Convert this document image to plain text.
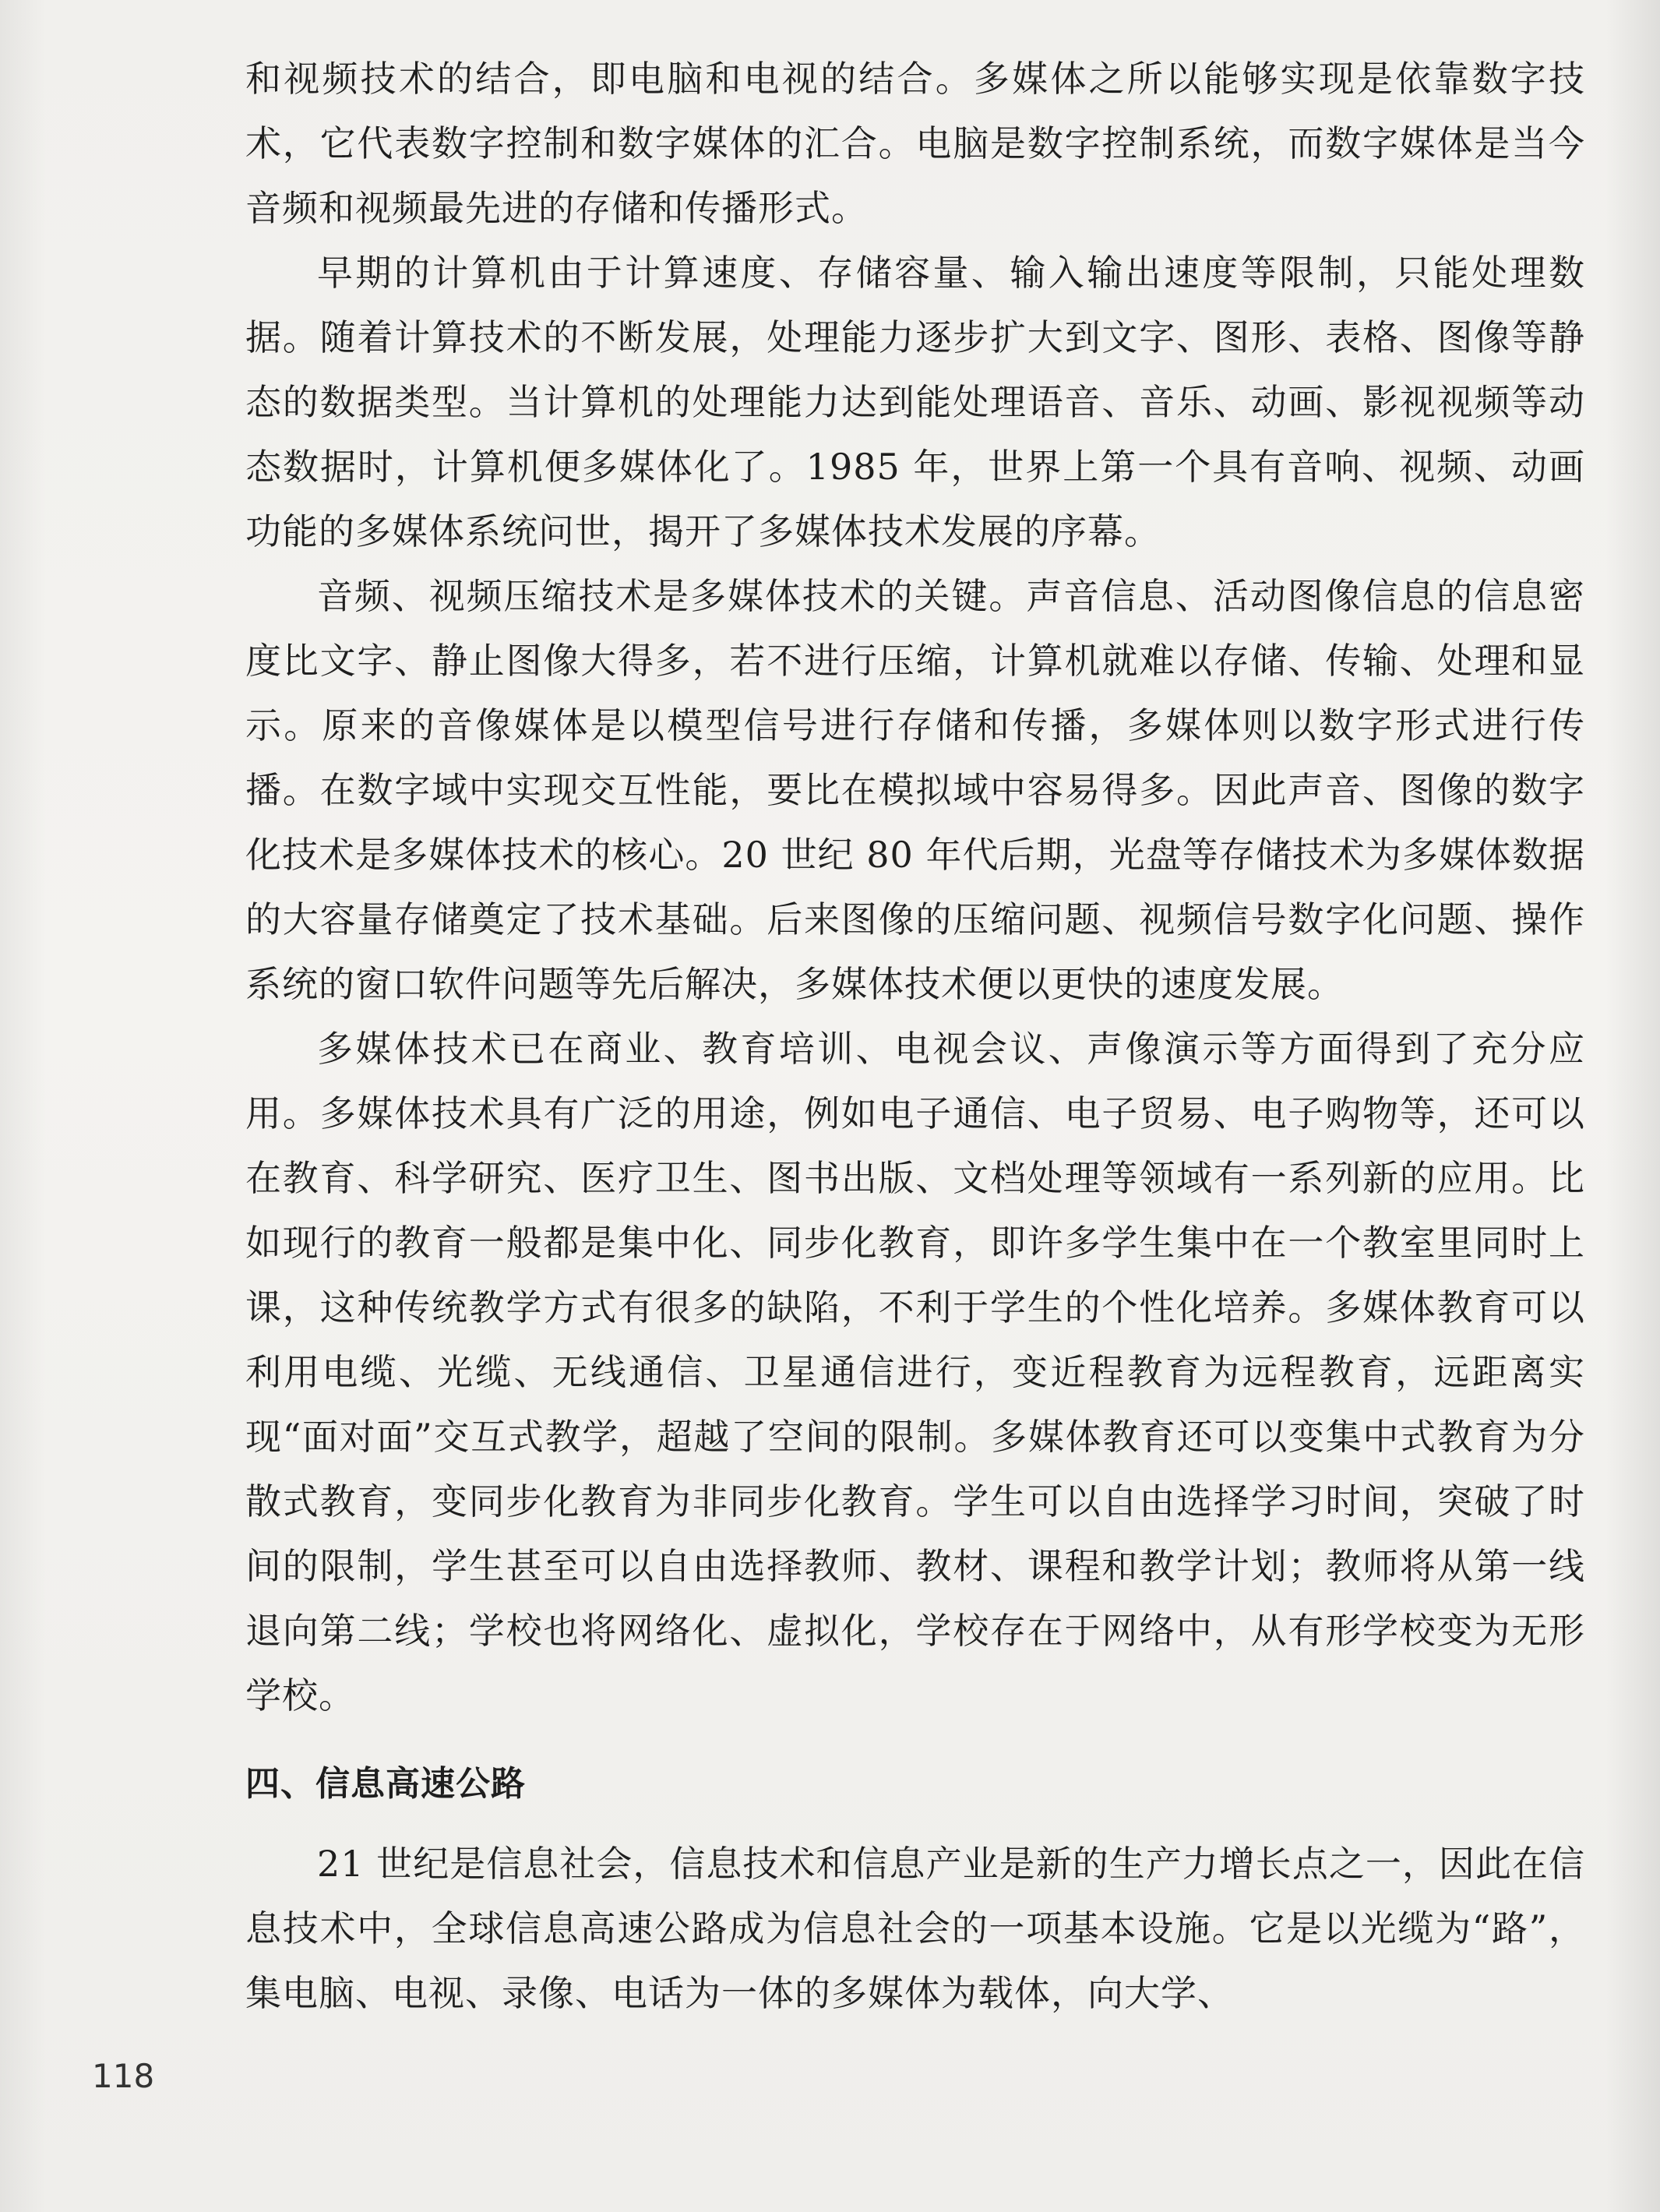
和视频技术的结合，即电脑和电视的结合。多媒体之所以能够实现是依靠数字技术，它代表数字控制和数字媒体的汇合。电脑是数字控制系统，而数字媒体是当今音频和视频最先进的存储和传播形式。

早期的计算机由于计算速度、存储容量、输入输出速度等限制，只能处理数据。随着计算技术的不断发展，处理能力逐步扩大到文字、图形、表格、图像等静态的数据类型。当计算机的处理能力达到能处理语音、音乐、动画、影视视频等动态数据时，计算机便多媒体化了。1985 年，世界上第一个具有音响、视频、动画功能的多媒体系统问世，揭开了多媒体技术发展的序幕。

音频、视频压缩技术是多媒体技术的关键。声音信息、活动图像信息的信息密度比文字、静止图像大得多，若不进行压缩，计算机就难以存储、传输、处理和显示。原来的音像媒体是以模型信号进行存储和传播，多媒体则以数字形式进行传播。在数字域中实现交互性能，要比在模拟域中容易得多。因此声音、图像的数字化技术是多媒体技术的核心。20 世纪 80 年代后期，光盘等存储技术为多媒体数据的大容量存储奠定了技术基础。后来图像的压缩问题、视频信号数字化问题、操作系统的窗口软件问题等先后解决，多媒体技术便以更快的速度发展。

多媒体技术已在商业、教育培训、电视会议、声像演示等方面得到了充分应用。多媒体技术具有广泛的用途，例如电子通信、电子贸易、电子购物等，还可以在教育、科学研究、医疗卫生、图书出版、文档处理等领域有一系列新的应用。比如现行的教育一般都是集中化、同步化教育，即许多学生集中在一个教室里同时上课，这种传统教学方式有很多的缺陷，不利于学生的个性化培养。多媒体教育可以利用电缆、光缆、无线通信、卫星通信进行，变近程教育为远程教育，远距离实现“面对面”交互式教学，超越了空间的限制。多媒体教育还可以变集中式教育为分散式教育，变同步化教育为非同步化教育。学生可以自由选择学习时间，突破了时间的限制，学生甚至可以自由选择教师、教材、课程和教学计划；教师将从第一线退向第二线；学校也将网络化、虚拟化，学校存在于网络中，从有形学校变为无形学校。

四、信息高速公路

21 世纪是信息社会，信息技术和信息产业是新的生产力增长点之一，因此在信息技术中，全球信息高速公路成为信息社会的一项基本设施。它是以光缆为“路”，集电脑、电视、录像、电话为一体的多媒体为载体，向大学、

118
